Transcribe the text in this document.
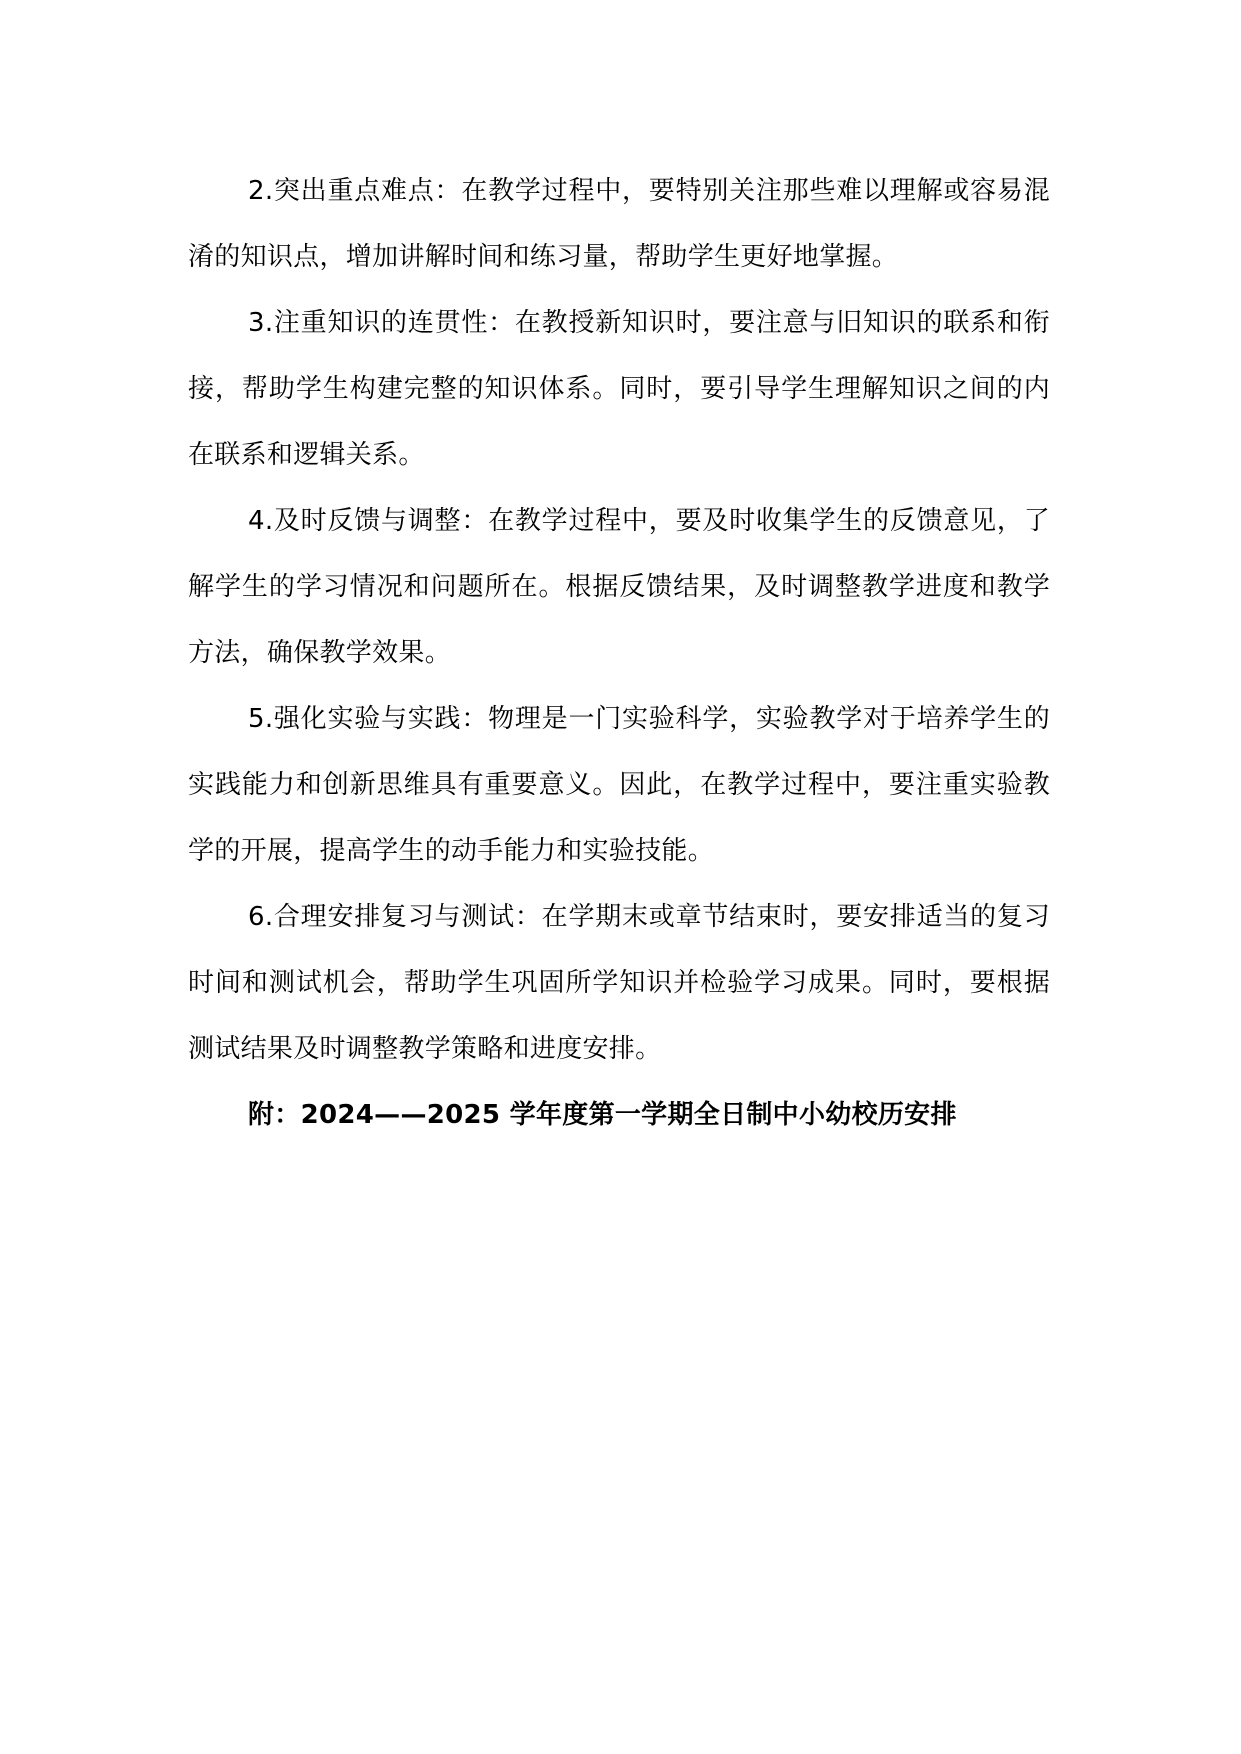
2.突出重点难点：在教学过程中，要特别关注那些难以理解或容易混淆的知识点，增加讲解时间和练习量，帮助学生更好地掌握。

3.注重知识的连贯性：在教授新知识时，要注意与旧知识的联系和衔接，帮助学生构建完整的知识体系。同时，要引导学生理解知识之间的内在联系和逻辑关系。

4.及时反馈与调整：在教学过程中，要及时收集学生的反馈意见，了解学生的学习情况和问题所在。根据反馈结果，及时调整教学进度和教学方法，确保教学效果。

5.强化实验与实践：物理是一门实验科学，实验教学对于培养学生的实践能力和创新思维具有重要意义。因此，在教学过程中，要注重实验教学的开展，提高学生的动手能力和实验技能。

6.合理安排复习与测试：在学期末或章节结束时，要安排适当的复习时间和测试机会，帮助学生巩固所学知识并检验学习成果。同时，要根据测试结果及时调整教学策略和进度安排。

附：2024——2025 学年度第一学期全日制中小幼校历安排
